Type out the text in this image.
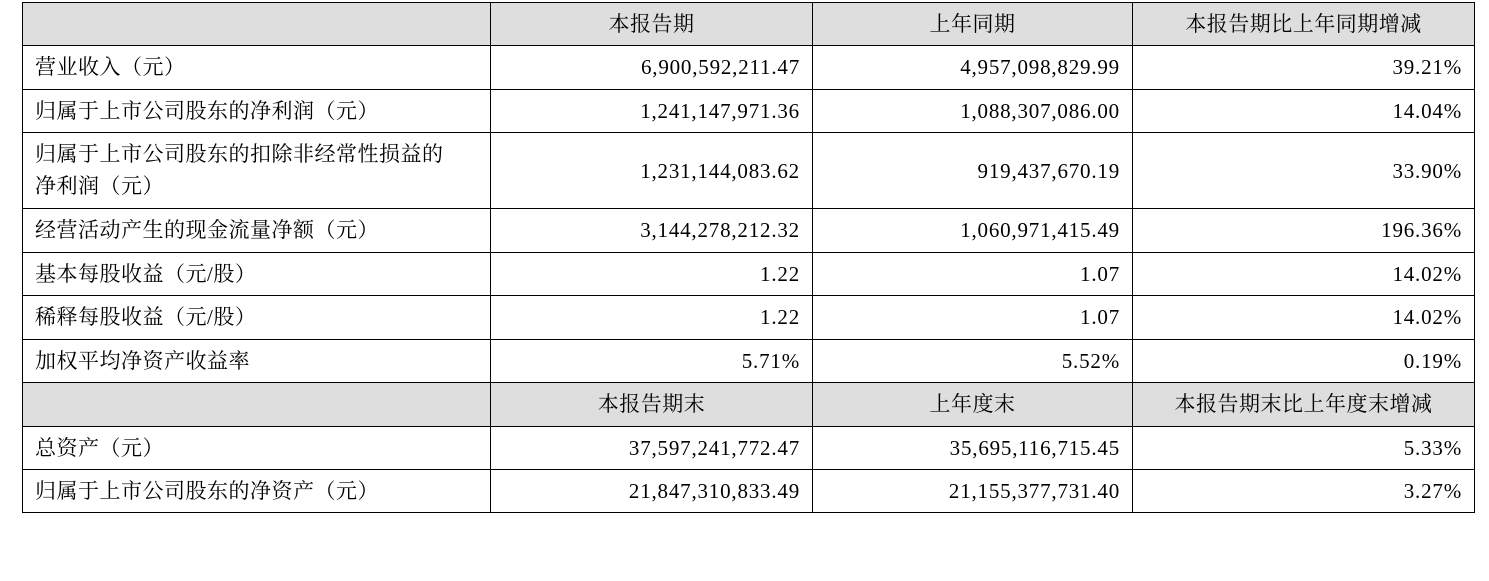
	本报告期	上年同期	本报告期比上年同期增减
营业收入（元）	6,900,592,211.47	4,957,098,829.99	39.21%
归属于上市公司股东的净利润（元）	1,241,147,971.36	1,088,307,086.00	14.04%

归属于上市公司股东的扣除非经常性损益的净利润（元）	1,231,144,083.62	919,437,670.19	33.90%
经营活动产生的现金流量净额（元）	3,144,278,212.32	1,060,971,415.49	196.36%
基本每股收益（元/股）	1.22	1.07	14.02%
稀释每股收益（元/股）	1.22	1.07	14.02%
加权平均净资产收益率	5.71%	5.52%	0.19%
	本报告期末	上年度末	本报告期末比上年度末增减
总资产（元）	37,597,241,772.47	35,695,116,715.45	5.33%
归属于上市公司股东的净资产（元）	21,847,310,833.49	21,155,377,731.40	3.27%
